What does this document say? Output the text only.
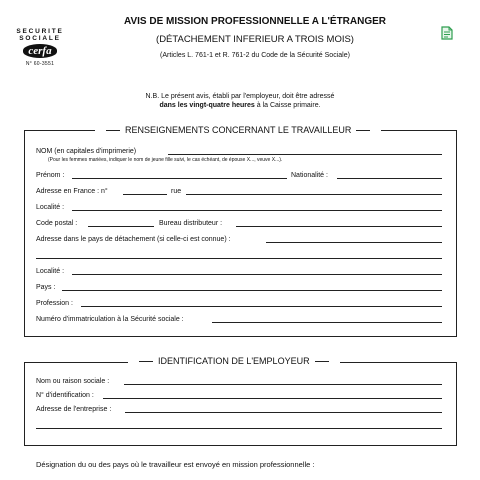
SECURITE
SOCIALE
cerfa
N° 60-3551
AVIS DE MISSION PROFESSIONNELLE A L'ÉTRANGER
(DÉTACHEMENT INFERIEUR A TROIS MOIS)
(Articles L. 761-1 et R. 761-2 du Code de la Sécurité Sociale)
N.B. Le présent avis, établi par l'employeur, doit être adressé
dans les vingt-quatre heures à la Caisse primaire.
RENSEIGNEMENTS CONCERNANT LE TRAVAILLEUR
NOM (en capitales d'imprimerie)
(Pour les femmes mariées, indiquer le nom de jeune fille suivi, le cas échéant, de épouse X..., veuve X...).
Prénom :	Nationalité :
Adresse en France : n°	rue
Localité :
Code postal :	Bureau distributeur :
Adresse dans le pays de détachement (si celle-ci est connue) :
Localité :
Pays :
Profession :
Numéro d'immatriculation à la Sécurité sociale :
IDENTIFICATION DE L'EMPLOYEUR
Nom ou raison sociale :
N° d'identification :
Adresse de l'entreprise :
Désignation du ou des pays où le travailleur est envoyé en mission professionnelle :
